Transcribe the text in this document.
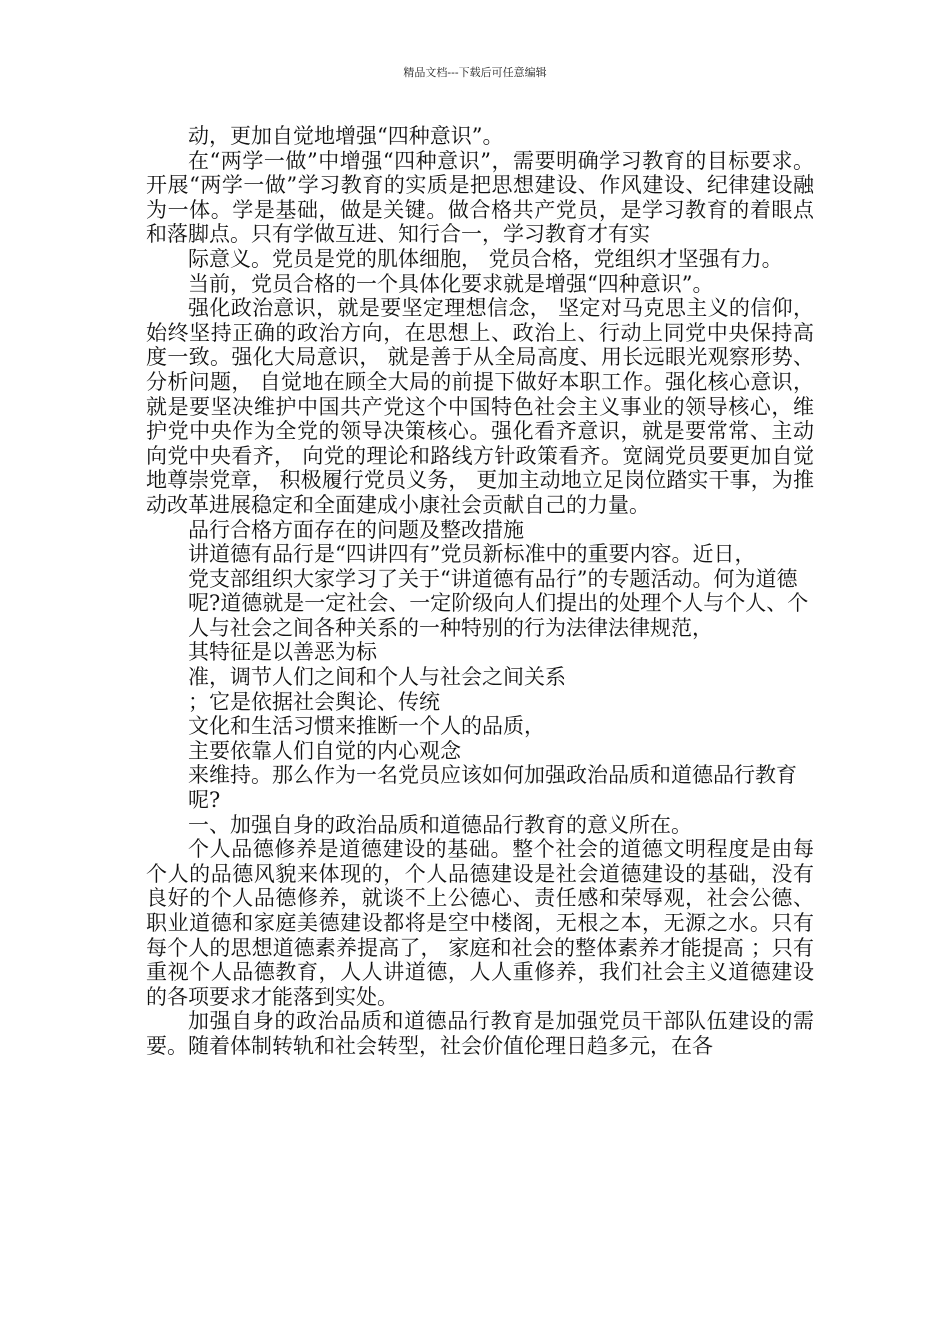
精品文档---下载后可任意编辑

动，更加自觉地增强“四种意识”。

在“两学一做”中增强“四种意识”，需要明确学习教育的目标要求。开展“两学一做”学习教育的实质是把思想建设、作风建设、纪律建设融为一体。学是基础，做是关键。做合格共产党员，是学习教育的着眼点和落脚点。只有学做互进、知行合一，学习教育才有实

际意义。党员是党的肌体细胞， 党员合格，党组织才坚强有力。

当前，党员合格的一个具体化要求就是增强“四种意识”。

强化政治意识，就是要坚定理想信念， 坚定对马克思主义的信仰，始终坚持正确的政治方向，在思想上、政治上、行动上同党中央保持高度一致。强化大局意识， 就是善于从全局高度、用长远眼光观察形势、分析问题， 自觉地在顾全大局的前提下做好本职工作。强化核心意识，就是要坚决维护中国共产党这个中国特色社会主义事业的领导核心，维护党中央作为全党的领导决策核心。强化看齐意识，就是要常常、主动向党中央看齐， 向党的理论和路线方针政策看齐。宽阔党员要更加自觉地尊崇党章， 积极履行党员义务， 更加主动地立足岗位踏实干事，为推动改革进展稳定和全面建成小康社会贡献自己的力量。

品行合格方面存在的问题及整改措施

讲道德有品行是“四讲四有”党员新标准中的重要内容。近日，

党支部组织大家学习了关于“讲道德有品行”的专题活动。何为道德

呢?道德就是一定社会、一定阶级向人们提出的处理个人与个人、个

人与社会之间各种关系的一种特别的行为法律法律规范，

其特征是以善恶为标

准，调节人们之间和个人与社会之间关系

；它是依据社会舆论、传统

文化和生活习惯来推断一个人的品质，

主要依靠人们自觉的内心观念

来维持。那么作为一名党员应该如何加强政治品质和道德品行教育

呢?

一、加强自身的政治品质和道德品行教育的意义所在。

个人品德修养是道德建设的基础。整个社会的道德文明程度是由每个人的品德风貌来体现的，个人品德建设是社会道德建设的基础，没有良好的个人品德修养，就谈不上公德心、责任感和荣辱观，社会公德、职业道德和家庭美德建设都将是空中楼阁，无根之本，无源之水。只有每个人的思想道德素养提高了， 家庭和社会的整体素养才能提高 ；只有重视个人品德教育，人人讲道德，人人重修养，我们社会主义道德建设的各项要求才能落到实处。

加强自身的政治品质和道德品行教育是加强党员干部队伍建设的需要。随着体制转轨和社会转型，社会价值伦理日趋多元，在各
